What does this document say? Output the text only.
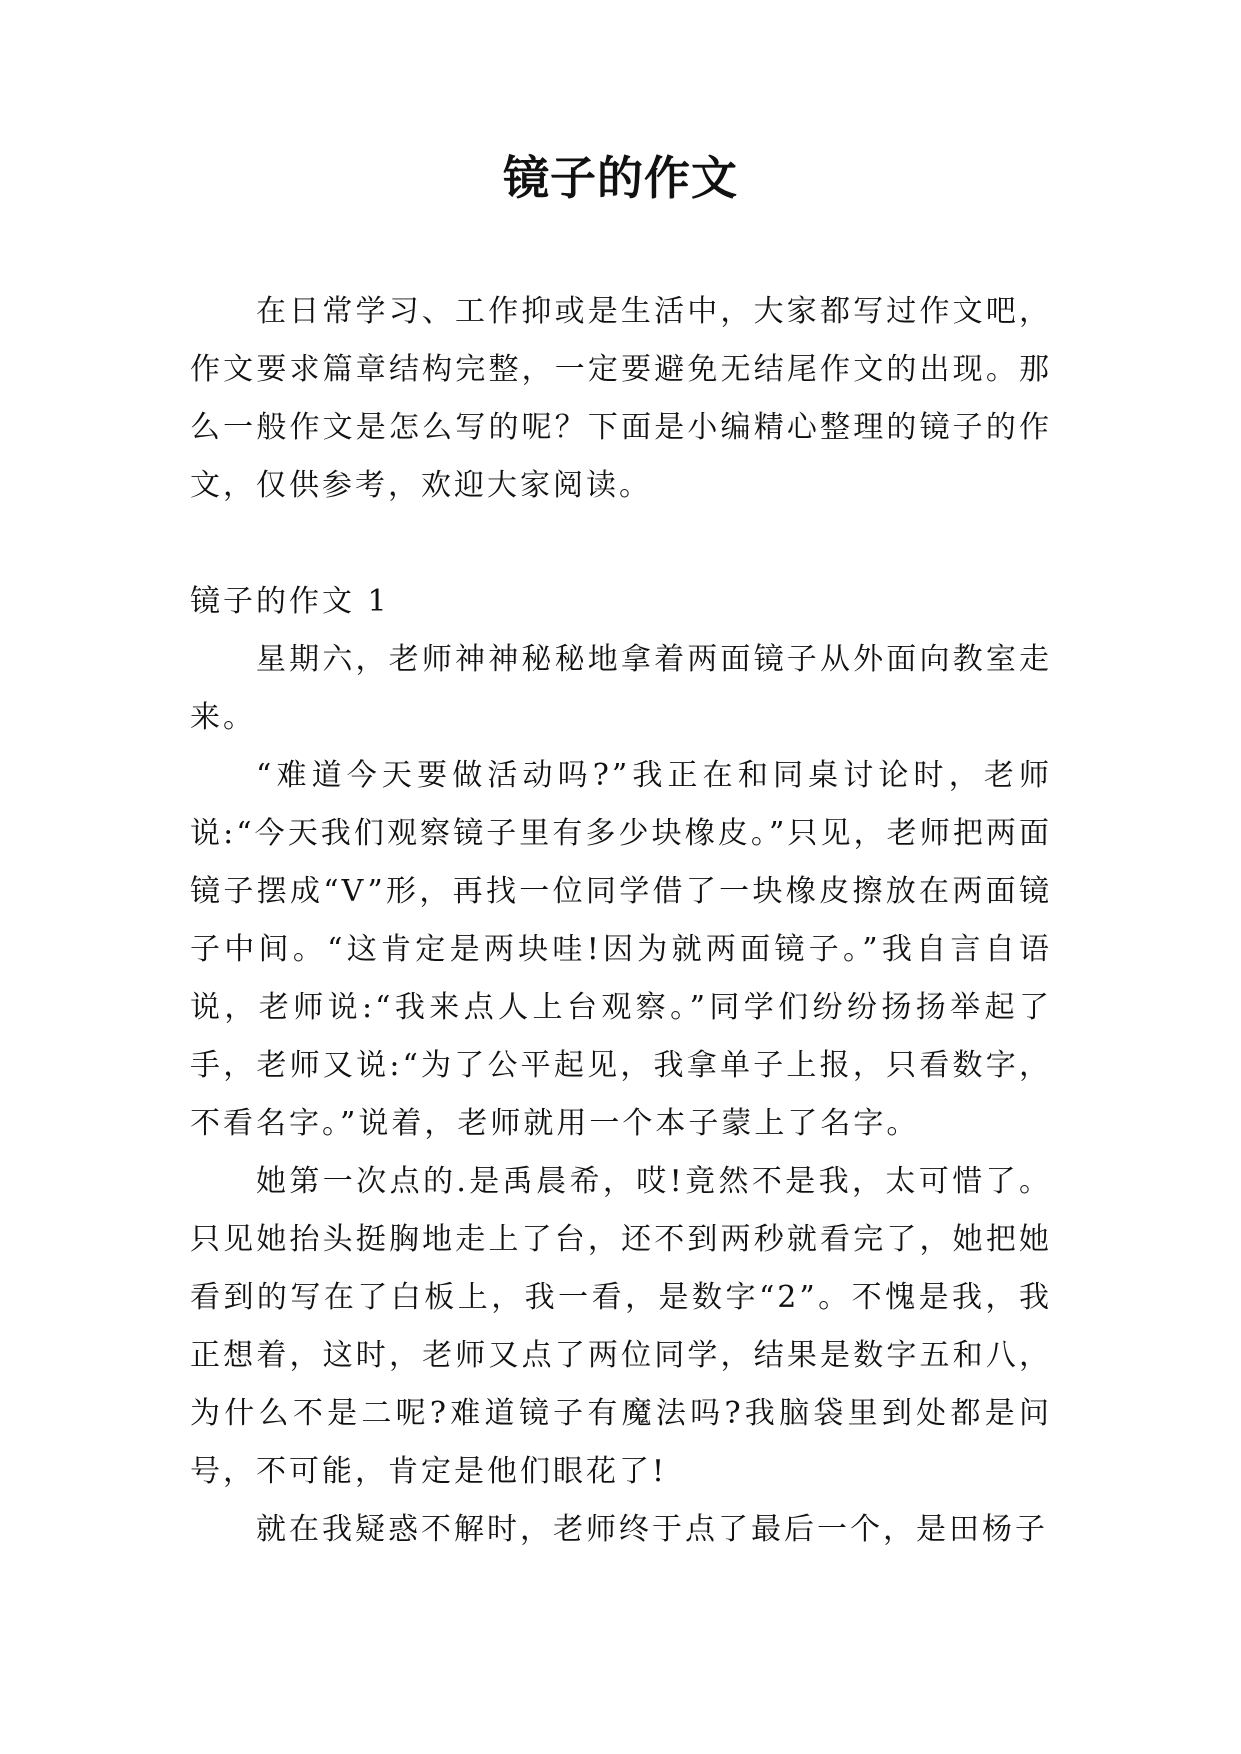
镜子的作文

在日常学习、工作抑或是生活中，大家都写过作文吧，作文要求篇章结构完整，一定要避免无结尾作文的出现。那么一般作文是怎么写的呢？下面是小编精心整理的镜子的作文，仅供参考，欢迎大家阅读。

镜子的作文 1

星期六，老师神神秘秘地拿着两面镜子从外面向教室走来。

“难道今天要做活动吗?”我正在和同桌讨论时，老师说:“今天我们观察镜子里有多少块橡皮。”只见，老师把两面镜子摆成“V”形，再找一位同学借了一块橡皮擦放在两面镜子中间。“这肯定是两块哇!因为就两面镜子。”我自言自语说，老师说:“我来点人上台观察。”同学们纷纷扬扬举起了手，老师又说:“为了公平起见，我拿单子上报，只看数字，不看名字。”说着，老师就用一个本子蒙上了名字。

她第一次点的.是禹晨希，哎!竟然不是我，太可惜了。只见她抬头挺胸地走上了台，还不到两秒就看完了，她把她看到的写在了白板上，我一看，是数字“2”。不愧是我，我正想着，这时，老师又点了两位同学，结果是数字五和八，为什么不是二呢?难道镜子有魔法吗?我脑袋里到处都是问号，不可能，肯定是他们眼花了!

就在我疑惑不解时，老师终于点了最后一个，是田杨子
